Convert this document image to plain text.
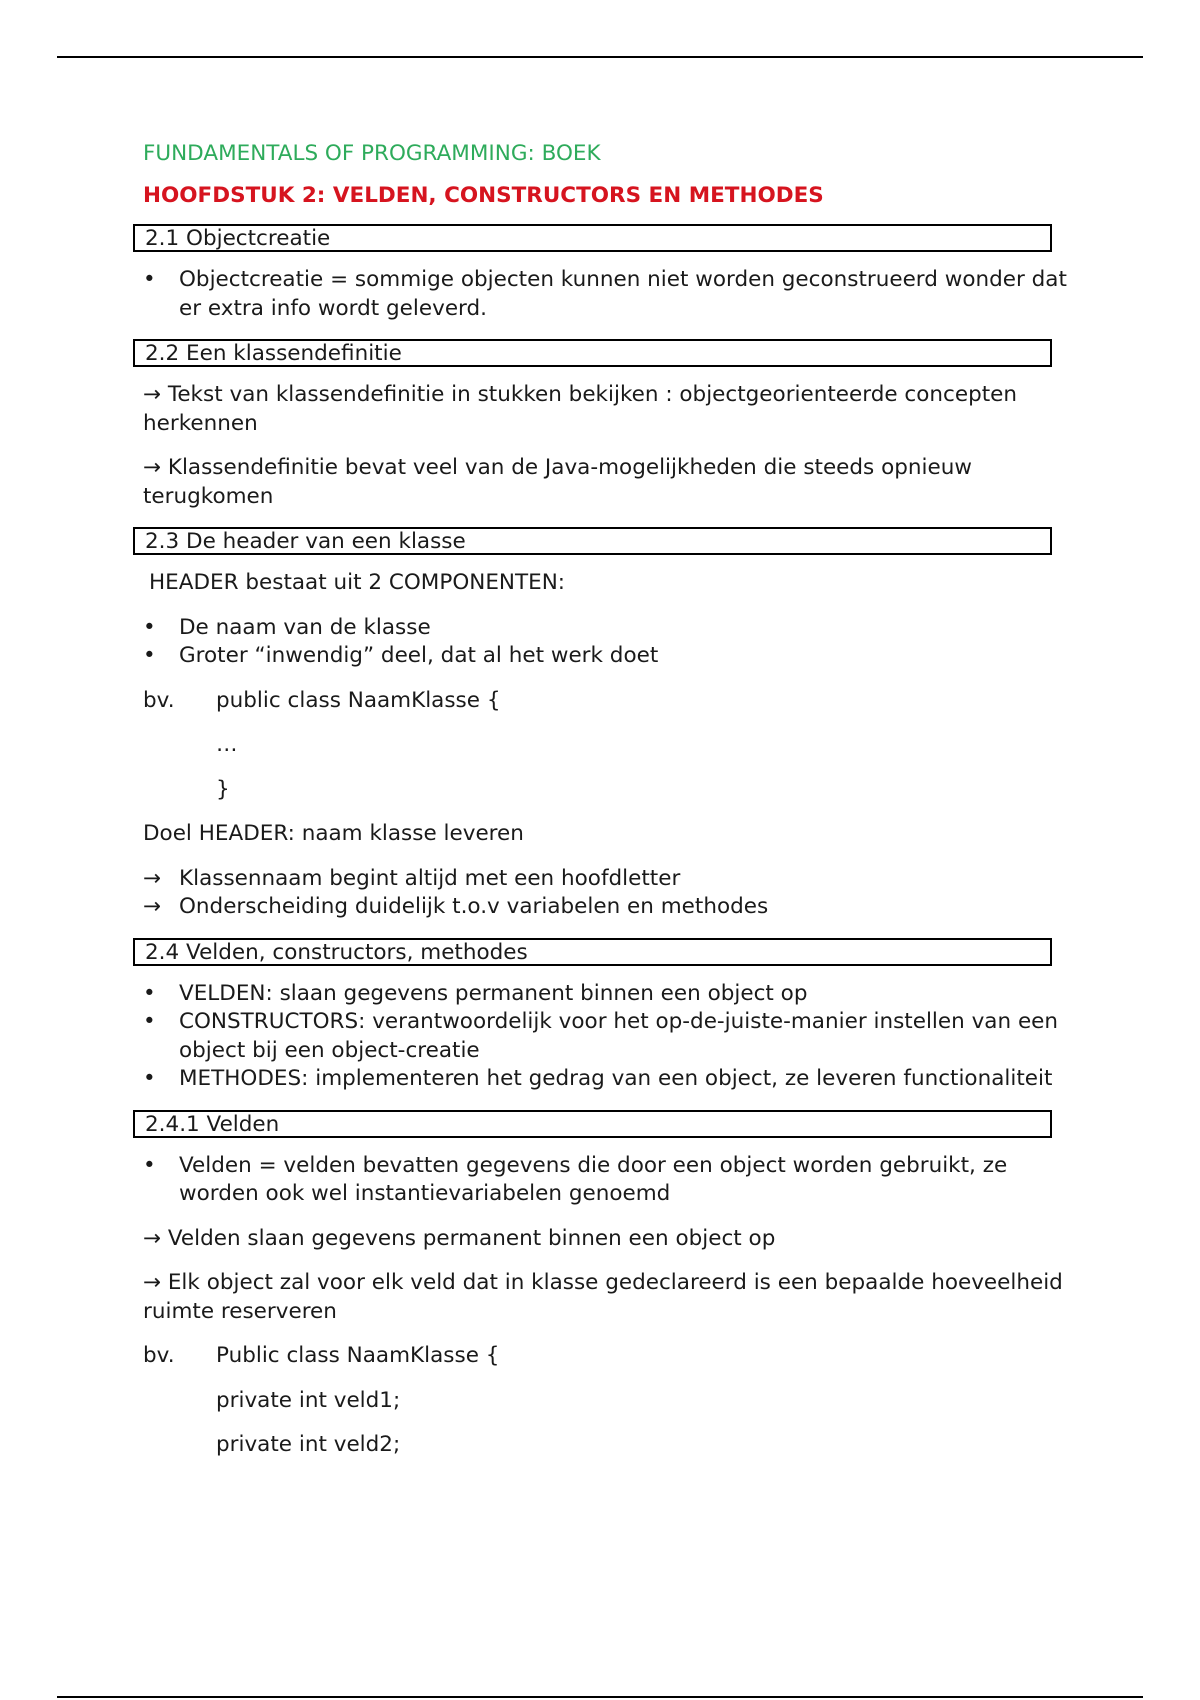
FUNDAMENTALS OF PROGRAMMING: BOEK
HOOFDSTUK 2: VELDEN, CONSTRUCTORS EN METHODES
2.1 Objectcreatie
• Objectcreatie = sommige objecten kunnen niet worden geconstrueerd wonder dat er extra info wordt geleverd.
2.2 Een klassendefinitie

→ Tekst van klassendefinitie in stukken bekijken : objectgeorienteerde concepten herkennen

→ Klassendefinitie bevat veel van de Java-mogelijkheden die steeds opnieuw terugkomen

2.3 De header van een klasse

HEADER bestaat uit 2 COMPONENTEN:

• De naam van de klasse
• Groter “inwendig” deel, dat al het werk doet
bv.	public class NaamKlasse {
…
}

Doel HEADER: naam klasse leveren

→ Klassennaam begint altijd met een hoofdletter
→ Onderscheiding duidelijk t.o.v variabelen en methodes
2.4 Velden, constructors, methodes
• VELDEN: slaan gegevens permanent binnen een object op
• CONSTRUCTORS: verantwoordelijk voor het op-de-juiste-manier instellen van een object bij een object-creatie
• METHODES: implementeren het gedrag van een object, ze leveren functionaliteit
2.4.1 Velden
• Velden = velden bevatten gegevens die door een object worden gebruikt, ze worden ook wel instantievariabelen genoemd

→ Velden slaan gegevens permanent binnen een object op

→ Elk object zal voor elk veld dat in klasse gedeclareerd is een bepaalde hoeveelheid ruimte reserveren

bv.	Public class NaamKlasse {
private int veld1;
private int veld2;
